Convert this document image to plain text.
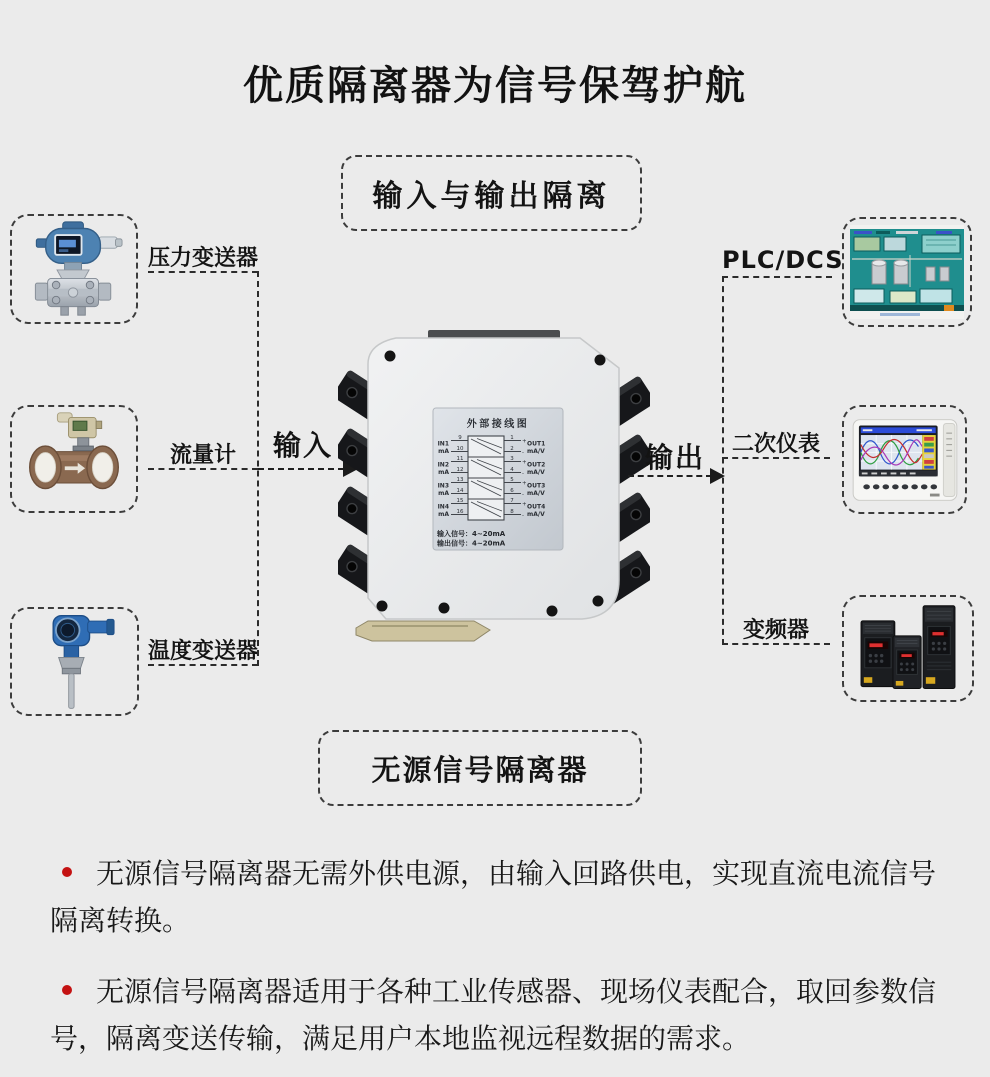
优质隔离器为信号保驾护航
输入与输出隔离
压力变送器
流量计
温度变送器
输入
外部接线图
9	1
10	2
IN1
mA
+
-
OUT1
mA/V
11	3
12	4
IN2
mA
+
-
OUT2
mA/V
13	5
14	6
IN3
mA
+
-
OUT3
mA/V
15	7
16	8
IN4
mA
+
-
OUT4
mA/V
输入信号：4~20mA
输出信号：4~20mA
输出
PLC/DCS
二次仪表
变频器
无源信号隔离器
无源信号隔离器无需外供电源，由输入回路供电，实现直流电流信号
隔离转换。
无源信号隔离器适用于各种工业传感器、现场仪表配合，取回参数信
号，隔离变送传输，满足用户本地监视远程数据的需求。
